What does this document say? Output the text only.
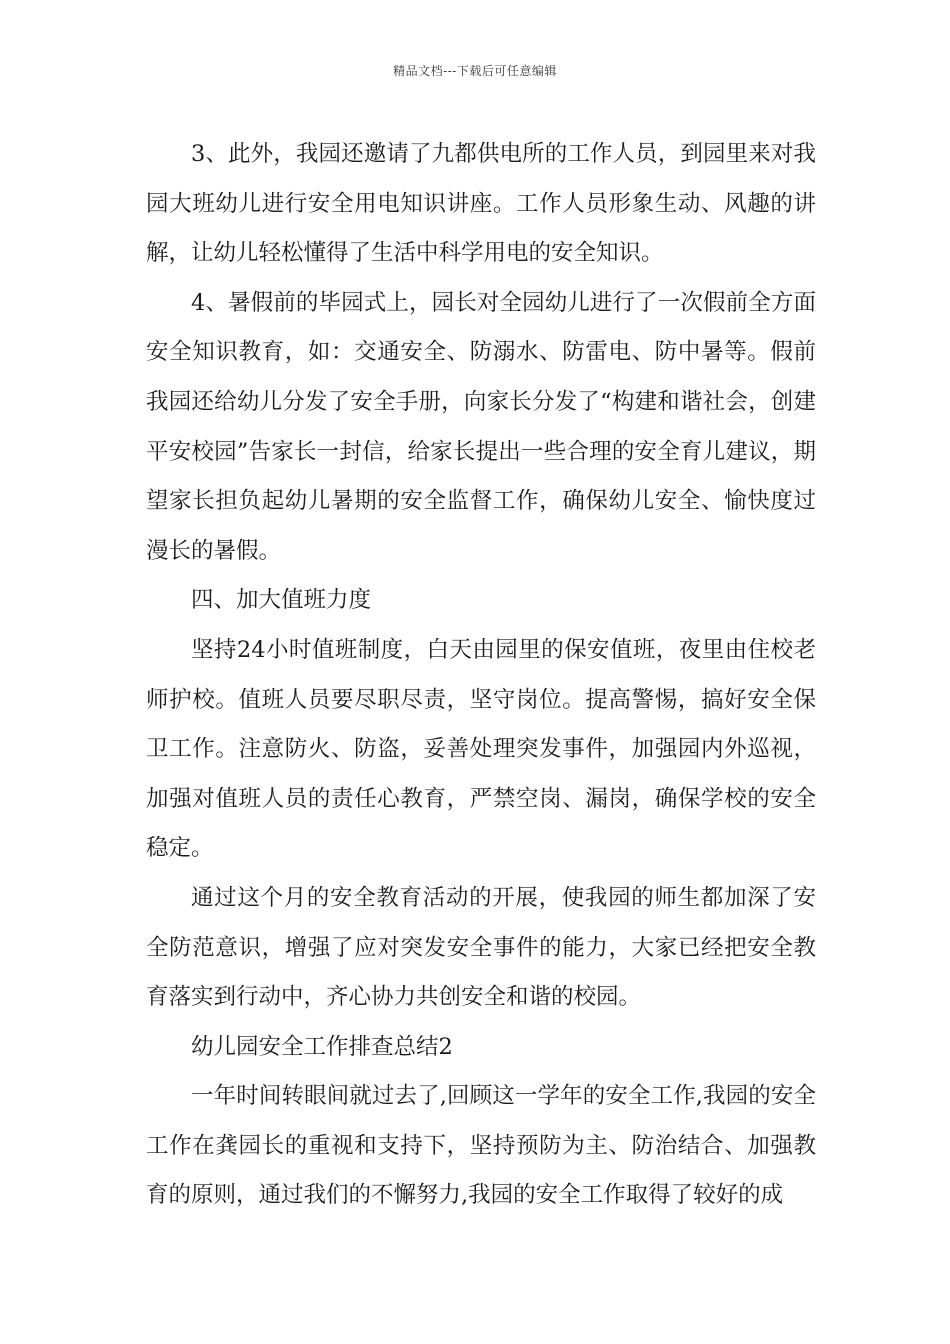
精品文档---下载后可任意编辑

3、此外，我园还邀请了九都供电所的工作人员，到园里来对我园大班幼儿进行安全用电知识讲座。工作人员形象生动、风趣的讲解，让幼儿轻松懂得了生活中科学用电的安全知识。

4、暑假前的毕园式上，园长对全园幼儿进行了一次假前全方面安全知识教育，如：交通安全、防溺水、防雷电、防中暑等。假前我园还给幼儿分发了安全手册，向家长分发了“构建和谐社会，创建平安校园”告家长一封信，给家长提出一些合理的安全育儿建议，期望家长担负起幼儿暑期的安全监督工作，确保幼儿安全、愉快度过漫长的暑假。

四、加大值班力度

坚持24小时值班制度，白天由园里的保安值班，夜里由住校老师护校。值班人员要尽职尽责，坚守岗位。提高警惕，搞好安全保卫工作。注意防火、防盗，妥善处理突发事件，加强园内外巡视，加强对值班人员的责任心教育，严禁空岗、漏岗，确保学校的安全稳定。

通过这个月的安全教育活动的开展，使我园的师生都加深了安全防范意识，增强了应对突发安全事件的能力，大家已经把安全教育落实到行动中，齐心协力共创安全和谐的校园。

幼儿园安全工作排查总结2

一年时间转眼间就过去了,回顾这一学年的安全工作,我园的安全工作在龚园长的重视和支持下，坚持预防为主、防治结合、加强教育的原则，通过我们的不懈努力,我园的安全工作取得了较好的成
